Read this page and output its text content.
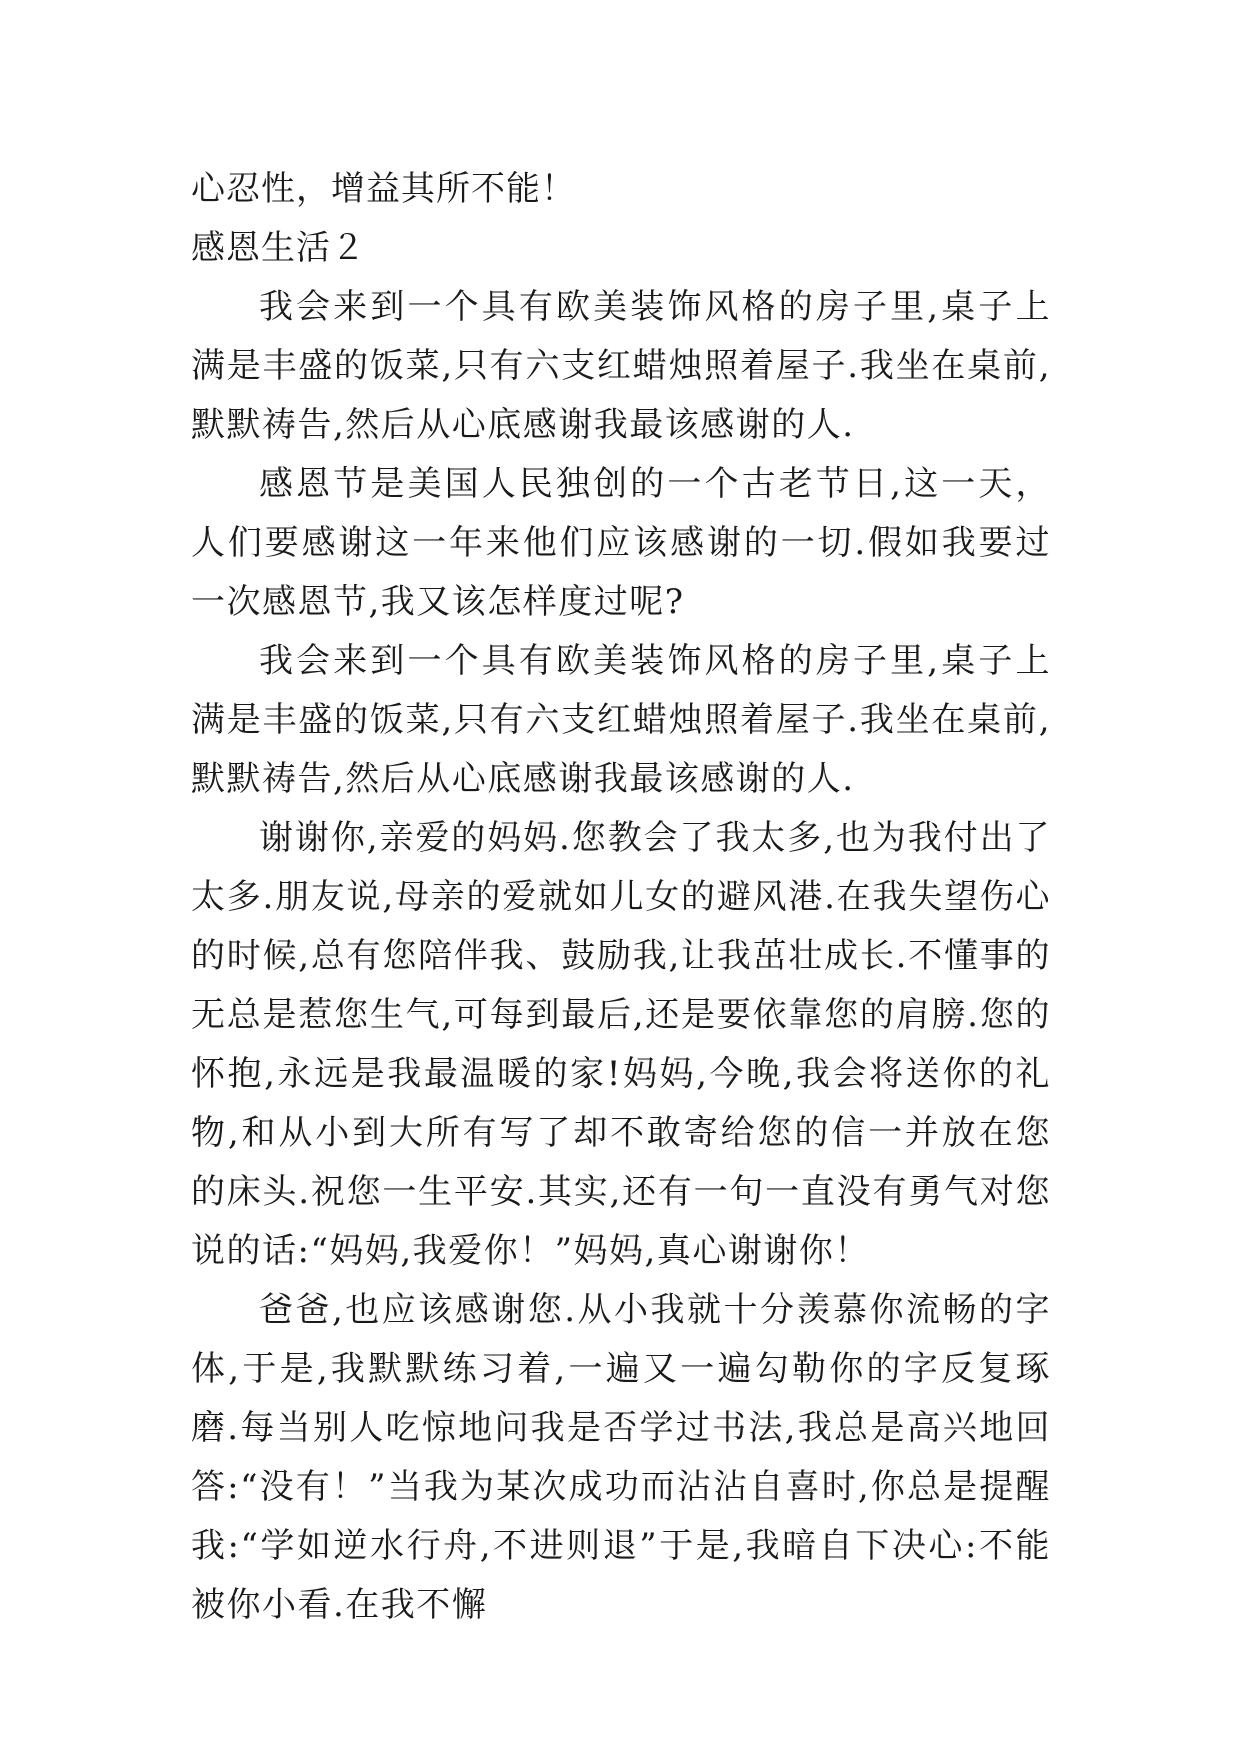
心忍性，增益其所不能！

感恩生活２

我会来到一个具有欧美装饰风格的房子里,桌子上满是丰盛的饭菜,只有六支红蜡烛照着屋子.我坐在桌前,默默祷告,然后从心底感谢我最该感谢的人.

感恩节是美国人民独创的一个古老节日,这一天， 人们要感谢这一年来他们应该感谢的一切.假如我要过一次感恩节,我又该怎样度过呢?

我会来到一个具有欧美装饰风格的房子里,桌子上满是丰盛的饭菜,只有六支红蜡烛照着屋子.我坐在桌前,默默祷告,然后从心底感谢我最该感谢的人.

谢谢你,亲爱的妈妈.您教会了我太多,也为我付出了太多.朋友说,母亲的爱就如儿女的避风港.在我失望伤心的时候,总有您陪伴我、鼓励我,让我茁壮成长.不懂事的无总是惹您生气,可每到最后,还是要依靠您的肩膀.您的怀抱,永远是我最温暖的家!妈妈,今晚,我会将送你的礼物,和从小到大所有写了却不敢寄给您的信一并放在您的床头.祝您一生平安.其实,还有一句一直没有勇气对您说的话:“妈妈,我爱你！”妈妈,真心谢谢你！

爸爸,也应该感谢您.从小我就十分羡慕你流畅的字体,于是,我默默练习着,一遍又一遍勾勒你的字反复琢磨.每当别人吃惊地问我是否学过书法,我总是高兴地回答:“没有！”当我为某次成功而沾沾自喜时,你总是提醒我:“学如逆水行舟,不进则退”于是,我暗自下决心:不能被你小看.在我不懈
